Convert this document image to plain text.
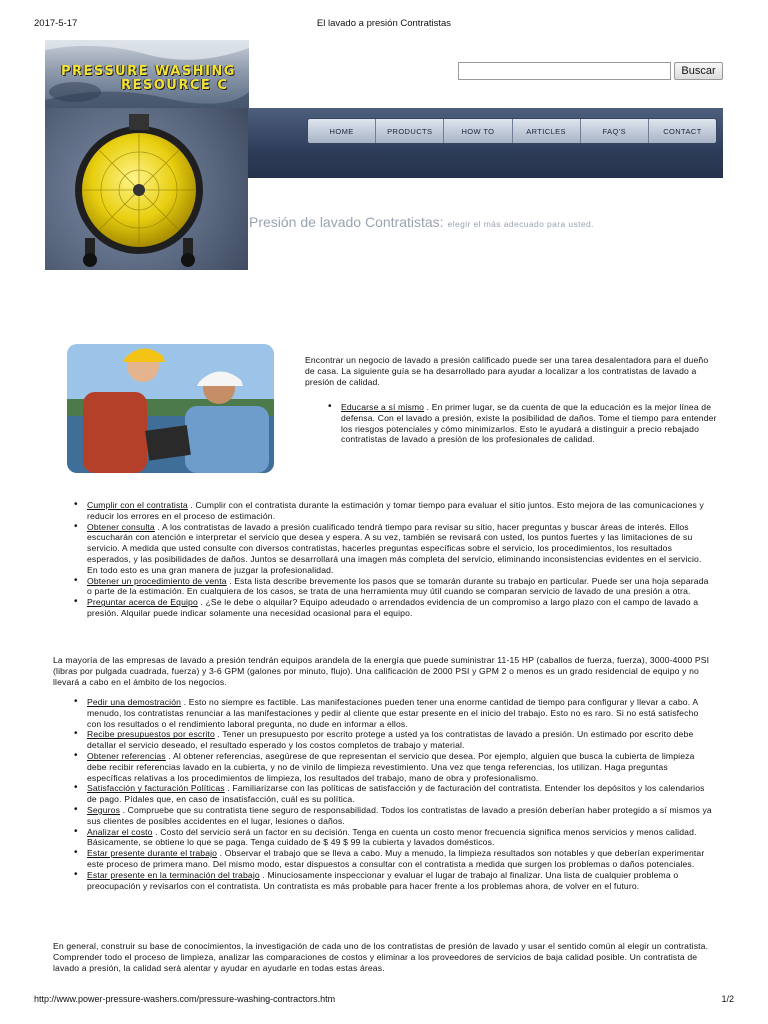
2017-5-17	El lavado a presión Contratistas
PRESSURE WASHING
RESOURCE C
Buscar
HOME	PRODUCTS	HOW TO	ARTICLES	FAQ'S	CONTACT
Presión de lavado Contratistas: elegir el más adecuado para usted.

Encontrar un negocio de lavado a presión calificado puede ser una tarea desalentadora para el dueño de casa. La siguiente guía se ha desarrollado para ayudar a localizar a los contratistas de lavado a presión de calidad.

• Educarse a sí mismo . En primer lugar, se da cuenta de que la educación es la mejor línea de defensa. Con el lavado a presión, existe la posibilidad de daños. Tome el tiempo para entender los riesgos potenciales y cómo minimizarlos. Esto le ayudará a distinguir a precio rebajado contratistas de lavado a presión de los profesionales de calidad.
• Cumplir con el contratista . Cumplir con el contratista durante la estimación y tomar tiempo para evaluar el sitio juntos. Esto mejora de las comunicaciones y reducir los errores en el proceso de estimación.
• Obtener consulta . A los contratistas de lavado a presión cualificado tendrá tiempo para revisar su sitio, hacer preguntas y buscar áreas de interés. Ellos escucharán con atención e interpretar el servicio que desea y espera. A su vez, también se revisará con usted, los puntos fuertes y las limitaciones de su servicio. A medida que usted consulte con diversos contratistas, hacerles preguntas específicas sobre el servicio, los procedimientos, los resultados esperados, y las posibilidades de daños. Juntos se desarrollará una imagen más completa del servicio, eliminando inconsistencias evidentes en el servicio. En todo esto es una gran manera de juzgar la profesionalidad.
• Obtener un procedimiento de venta . Esta lista describe brevemente los pasos que se tomarán durante su trabajo en particular. Puede ser una hoja separada o parte de la estimación. En cualquiera de los casos, se trata de una herramienta muy útil cuando se comparan servicio de lavado de una presión a otra.
• Preguntar acerca de Equipo . ¿Se le debe o alquilar? Equipo adeudado o arrendados evidencia de un compromiso a largo plazo con el campo de lavado a presión. Alquilar puede indicar solamente una necesidad ocasional para el equipo.

La mayoría de las empresas de lavado a presión tendrán equipos arandela de la energía que puede suministrar 11-15 HP (caballos de fuerza, fuerza), 3000-4000 PSI (libras por pulgada cuadrada, fuerza) y 3-6 GPM (galones por minuto, flujo). Una calificación de 2000 PSI y GPM 2 o menos es un grado residencial de equipo y no llevará a cabo en el ámbito de los negocios.

• Pedir una demostración . Esto no siempre es factible. Las manifestaciones pueden tener una enorme cantidad de tiempo para configurar y llevar a cabo. A menudo, los contratistas renunciar a las manifestaciones y pedir al cliente que estar presente en el inicio del trabajo. Esto no es raro. Si no está satisfecho con los resultados o el rendimiento laboral pregunta, no dude en informar a ellos.
• Recibe presupuestos por escrito . Tener un presupuesto por escrito protege a usted ya los contratistas de lavado a presión. Un estimado por escrito debe detallar el servicio deseado, el resultado esperado y los costos completos de trabajo y material.
• Obtener referencias . Al obtener referencias, asegúrese de que representan el servicio que desea. Por ejemplo, alguien que busca la cubierta de limpieza debe recibir referencias lavado en la cubierta, y no de vinilo de limpieza revestimiento. Una vez que tenga referencias, los utilizan. Haga preguntas específicas relativas a los procedimientos de limpieza, los resultados del trabajo, mano de obra y profesionalismo.
• Satisfacción y facturación Políticas . Familiarizarse con las políticas de satisfacción y de facturación del contratista. Entender los depósitos y los calendarios de pago. Pídales que, en caso de insatisfacción, cuál es su política.
• Seguros . Compruebe que su contratista tiene seguro de responsabilidad. Todos los contratistas de lavado a presión deberían haber protegido a sí mismos ya sus clientes de posibles accidentes en el lugar, lesiones o daños.
• Analizar el costo . Costo del servicio será un factor en su decisión. Tenga en cuenta un costo menor frecuencia significa menos servicios y menos calidad. Básicamente, se obtiene lo que se paga. Tenga cuidado de $ 49 $ 99 la cubierta y lavados domésticos.
• Estar presente durante el trabajo . Observar el trabajo que se lleva a cabo. Muy a menudo, la limpieza resultados son notables y que deberían experimentar este proceso de primera mano. Del mismo modo, estar dispuestos a consultar con el contratista a medida que surgen los problemas o daños potenciales.
• Estar presente en la terminación del trabajo . Minuciosamente inspeccionar y evaluar el lugar de trabajo al finalizar. Una lista de cualquier problema o preocupación y revisarlos con el contratista. Un contratista es más probable para hacer frente a los problemas ahora, de volver en el futuro.

En general, construir su base de conocimientos, la investigación de cada uno de los contratistas de presión de lavado y usar el sentido común al elegir un contratista. Comprender todo el proceso de limpieza, analizar las comparaciones de costos y eliminar a los proveedores de servicios de baja calidad posible. Un contratista de lavado a presión, la calidad será alentar y ayudar en ayudarle en todas estas áreas.

http://www.power-pressure-washers.com/pressure-washing-contractors.htm	1/2
